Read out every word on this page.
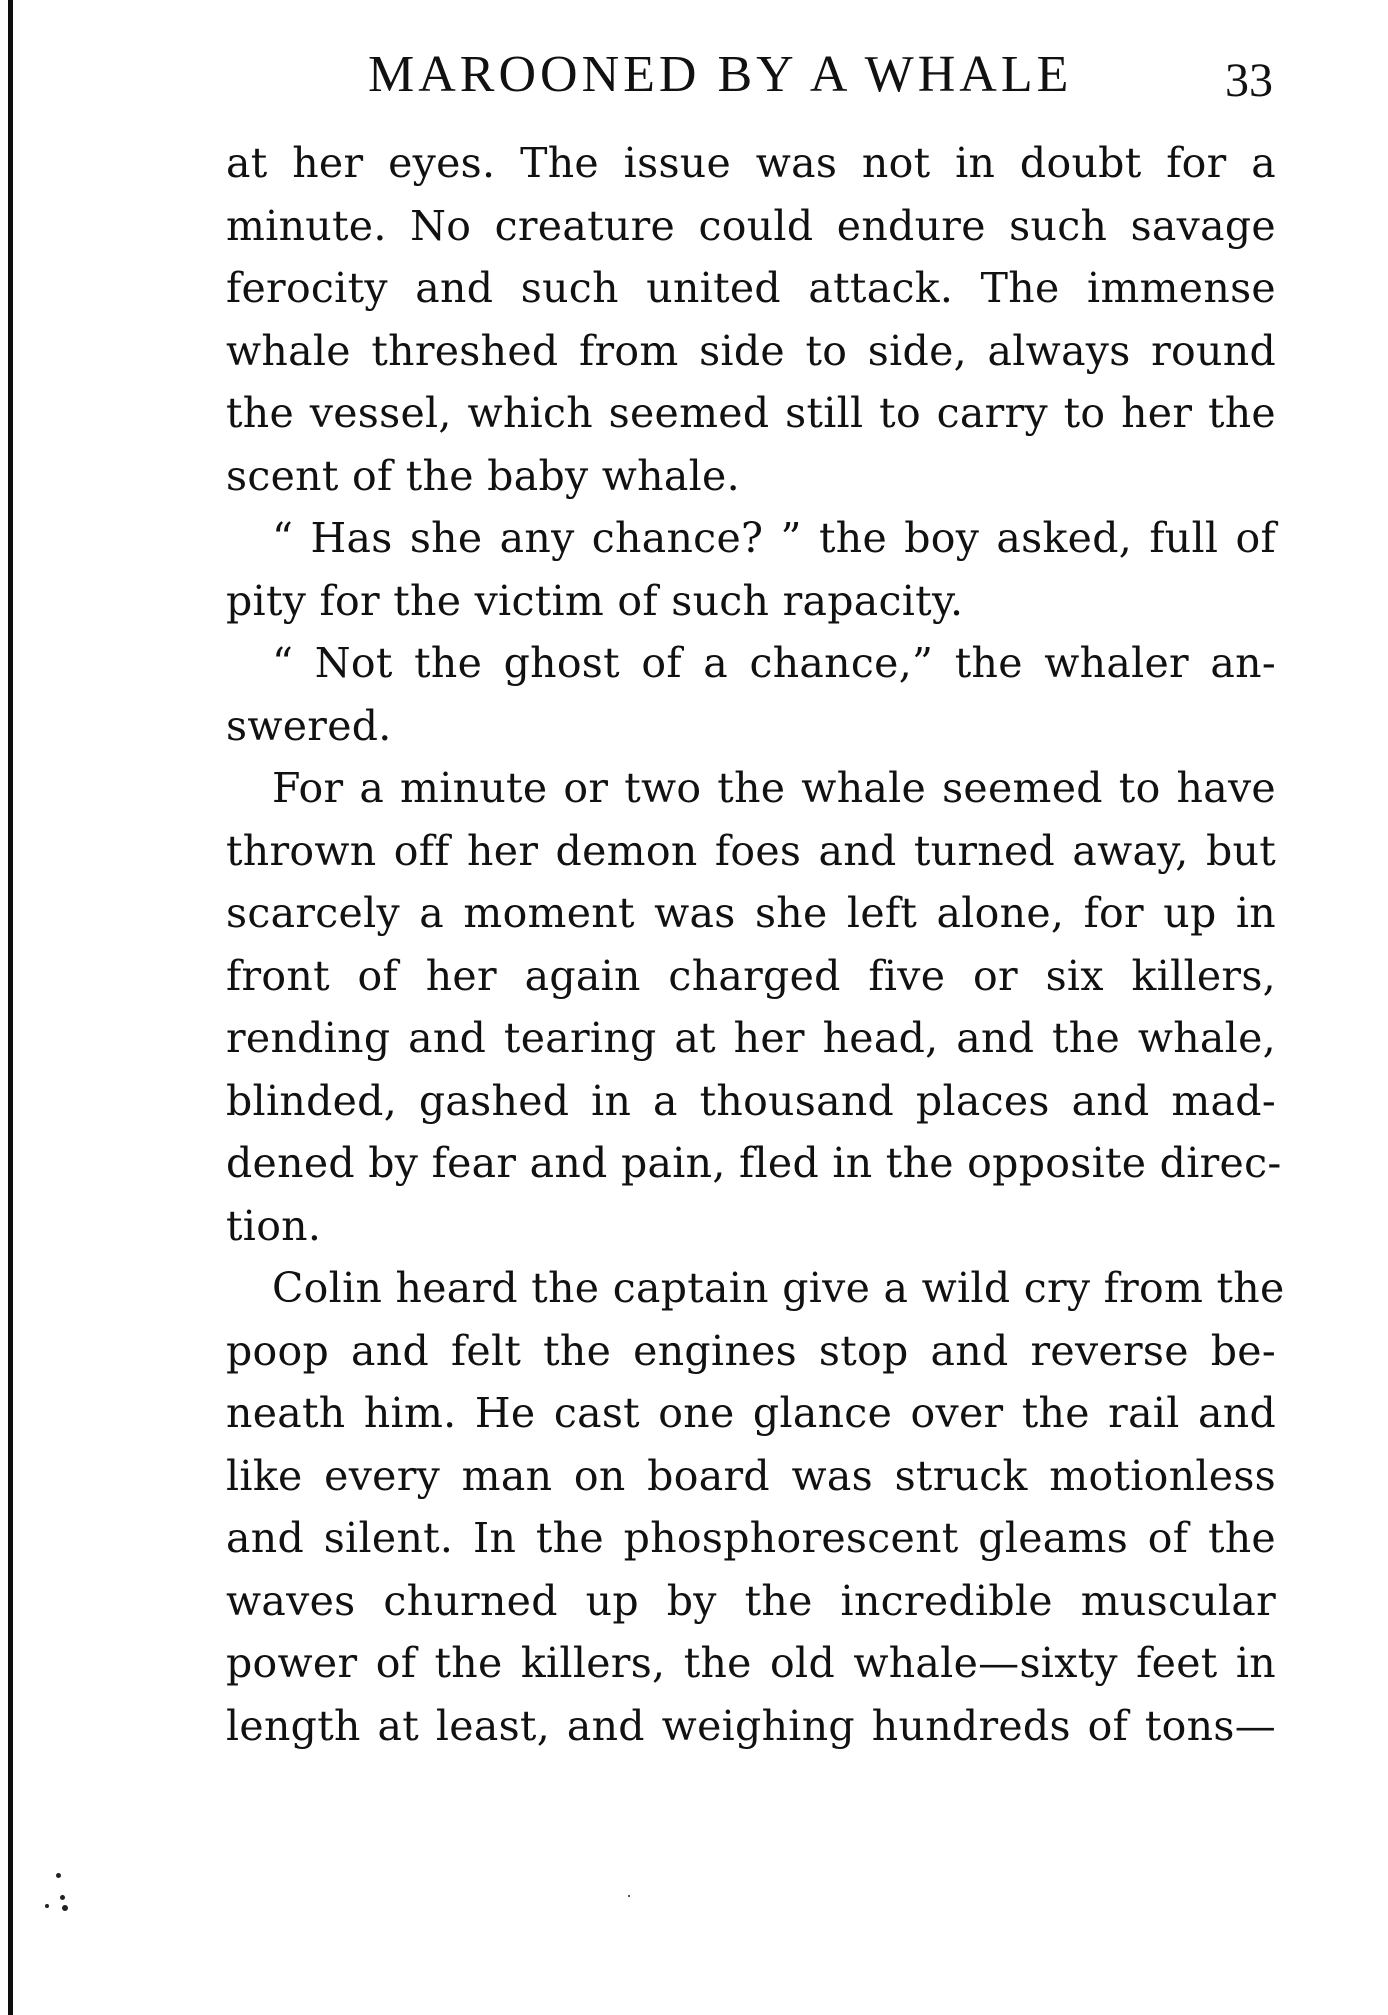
MAROONED BY A WHALE	33
at her eyes. The issue was not in doubt for a
minute. No creature could endure such savage
ferocity and such united attack. The immense
whale threshed from side to side, always round
the vessel, which seemed still to carry to her the
scent of the baby whale.
“ Has she any chance? ” the boy asked, full of
pity for the victim of such rapacity.
“ Not the ghost of a chance,” the whaler an-
swered.
For a minute or two the whale seemed to have
thrown off her demon foes and turned away, but
scarcely a moment was she left alone, for up in
front of her again charged five or six killers,
rending and tearing at her head, and the whale,
blinded, gashed in a thousand places and mad-
dened by fear and pain, fled in the opposite direc-
tion.
Colin heard the captain give a wild cry from the
poop and felt the engines stop and reverse be-
neath him. He cast one glance over the rail and
like every man on board was struck motionless
and silent. In the phosphorescent gleams of the
waves churned up by the incredible muscular
power of the killers, the old whale—sixty feet in
length at least, and weighing hundreds of tons—
